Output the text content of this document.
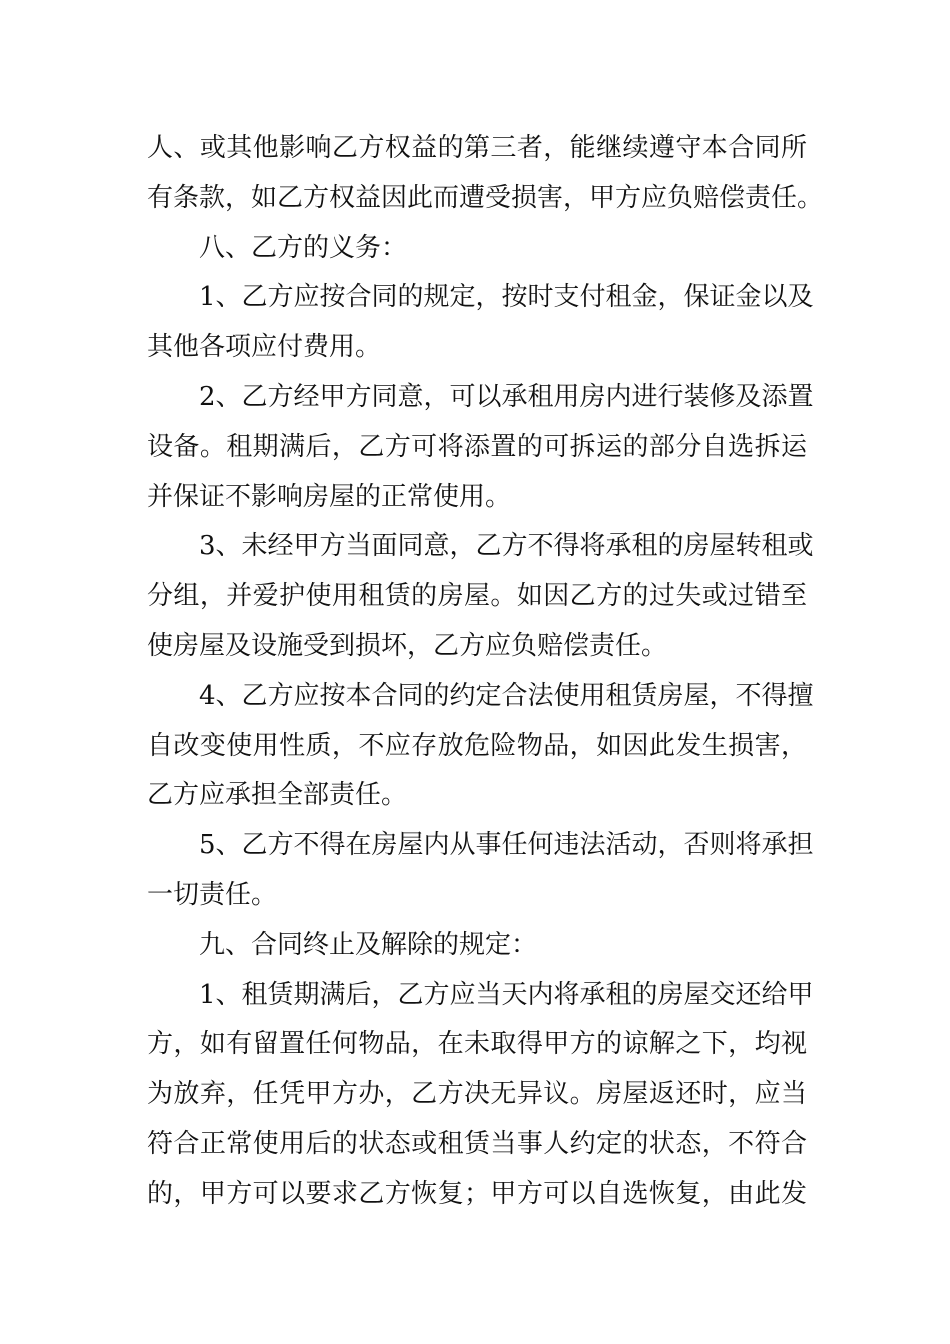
人、或其他影响乙方权益的第三者，能继续遵守本合同所
有条款，如乙方权益因此而遭受损害，甲方应负赔偿责任。
八、乙方的义务：
1、乙方应按合同的规定，按时支付租金，保证金以及
其他各项应付费用。
2、乙方经甲方同意，可以承租用房内进行装修及添置
设备。租期满后，乙方可将添置的可拆运的部分自选拆运
并保证不影响房屋的正常使用。
3、未经甲方当面同意，乙方不得将承租的房屋转租或
分组，并爱护使用租赁的房屋。如因乙方的过失或过错至
使房屋及设施受到损坏，乙方应负赔偿责任。
4、乙方应按本合同的约定合法使用租赁房屋，不得擅
自改变使用性质，不应存放危险物品，如因此发生损害，
乙方应承担全部责任。
5、乙方不得在房屋内从事任何违法活动，否则将承担
一切责任。
九、合同终止及解除的规定：
1、租赁期满后，乙方应当天内将承租的房屋交还给甲
方，如有留置任何物品，在未取得甲方的谅解之下，均视
为放弃，任凭甲方办，乙方决无异议。房屋返还时，应当
符合正常使用后的状态或租赁当事人约定的状态，不符合
的，甲方可以要求乙方恢复；甲方可以自选恢复，由此发
